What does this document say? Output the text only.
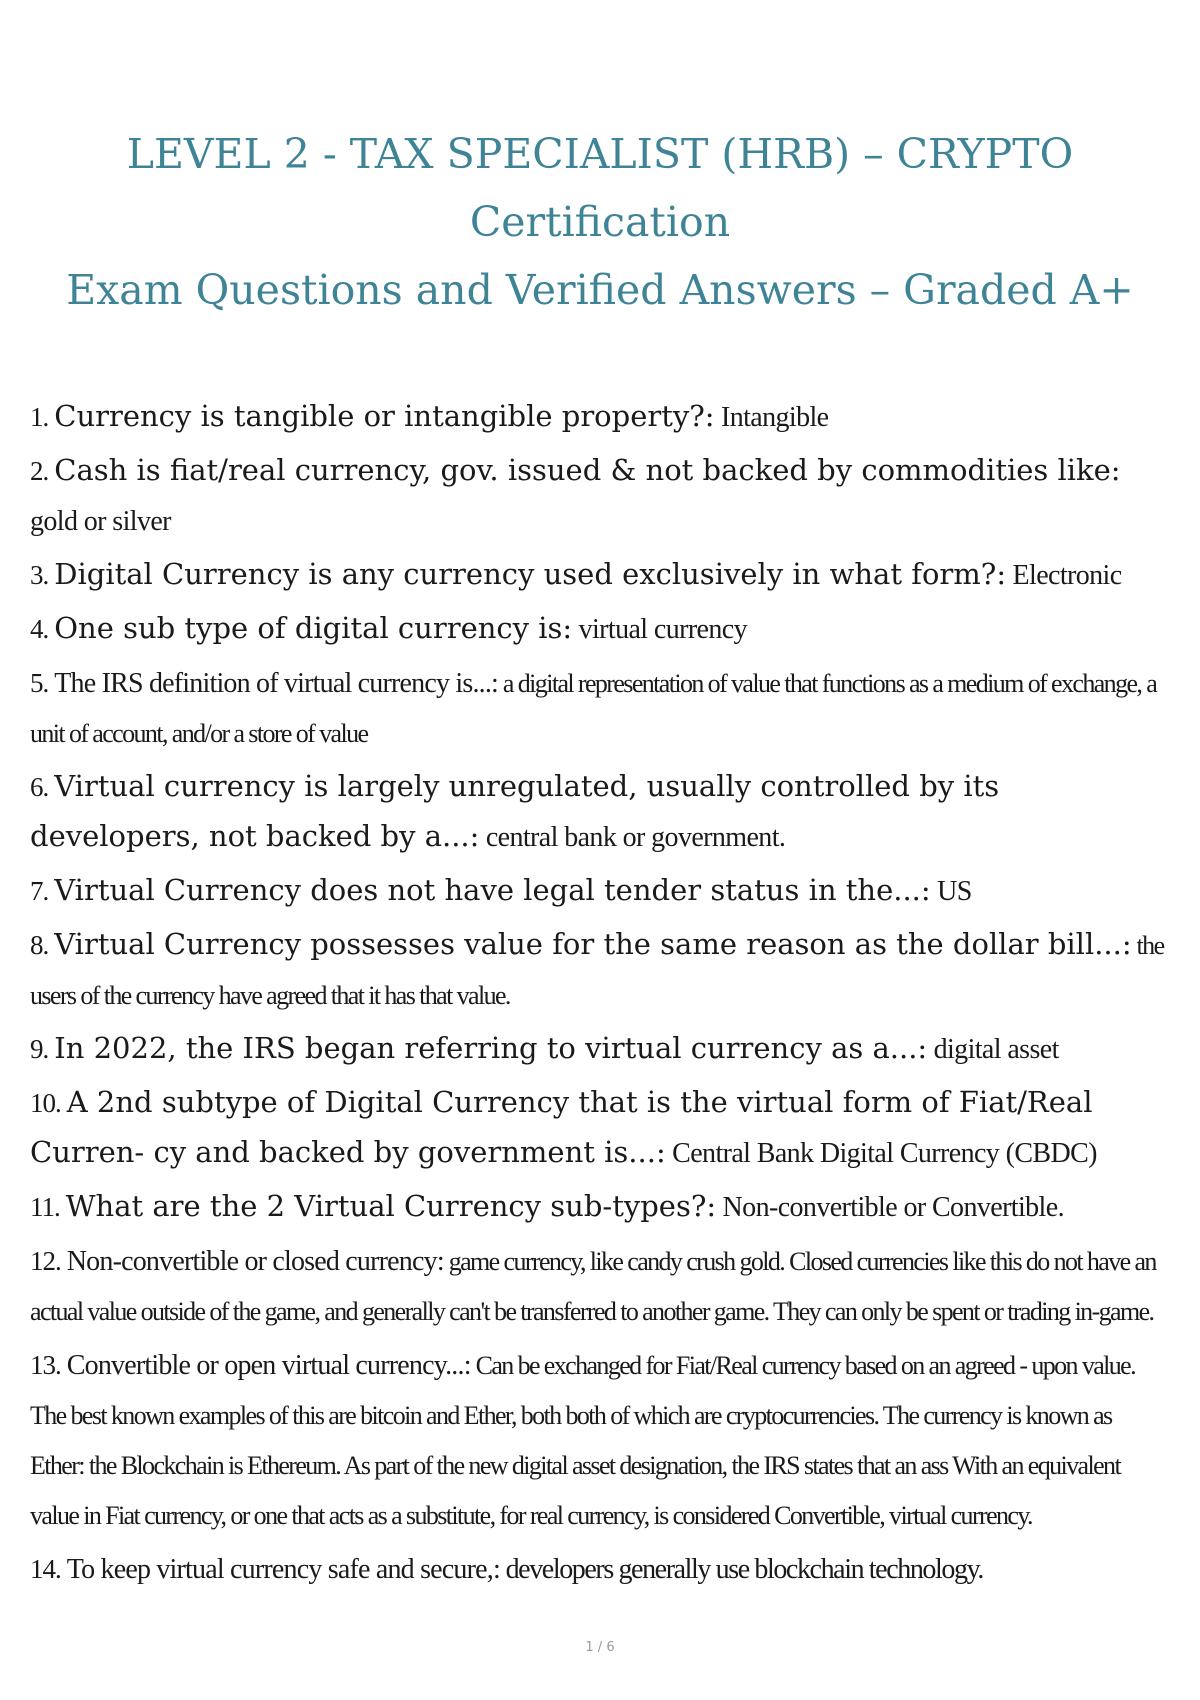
LEVEL 2 - TAX SPECIALIST (HRB) – CRYPTO Certification
Exam Questions and Verified Answers – Graded A+
1. Currency is tangible or intangible property?: Intangible
2. Cash is fiat/real currency, gov. issued & not backed by commodities like: gold or silver
3. Digital Currency is any currency used exclusively in what form?: Electronic
4. One sub type of digital currency is: virtual currency
5. The IRS definition of virtual currency is...: a digital representation of value that functions as a medium of exchange, a unit of account, and/or a store of value
6. Virtual currency is largely unregulated, usually controlled by its developers, not backed by a...: central bank or government.
7. Virtual Currency does not have legal tender status in the...: US
8. Virtual Currency possesses value for the same reason as the dollar bill...: the users of the currency have agreed that it has that value.
9. In 2022, the IRS began referring to virtual currency as a...: digital asset
10. A 2nd subtype of Digital Currency that is the virtual form of Fiat/Real Curren- cy and backed by government is...: Central Bank Digital Currency (CBDC)
11. What are the 2 Virtual Currency sub-types?: Non-convertible or Convertible.
12. Non-convertible or closed currency: game currency, like candy crush gold. Closed currencies like this do not have an actual value outside of the game, and generally can't be transferred to another game. They can only be spent or trading in-game.
13. Convertible or open virtual currency...: Can be exchanged for Fiat/Real currency based on an agreed - upon value. The best known examples of this are bitcoin and Ether, both both of which are cryptocurrencies. The currency is known as Ether: the Blockchain is Ethereum. As part of the new digital asset designation, the IRS states that an ass With an equivalent value in Fiat currency, or one that acts as a substitute, for real currency, is considered Convertible, virtual currency.
14. To keep virtual currency safe and secure,: developers generally use blockchain technology.
1 / 6
